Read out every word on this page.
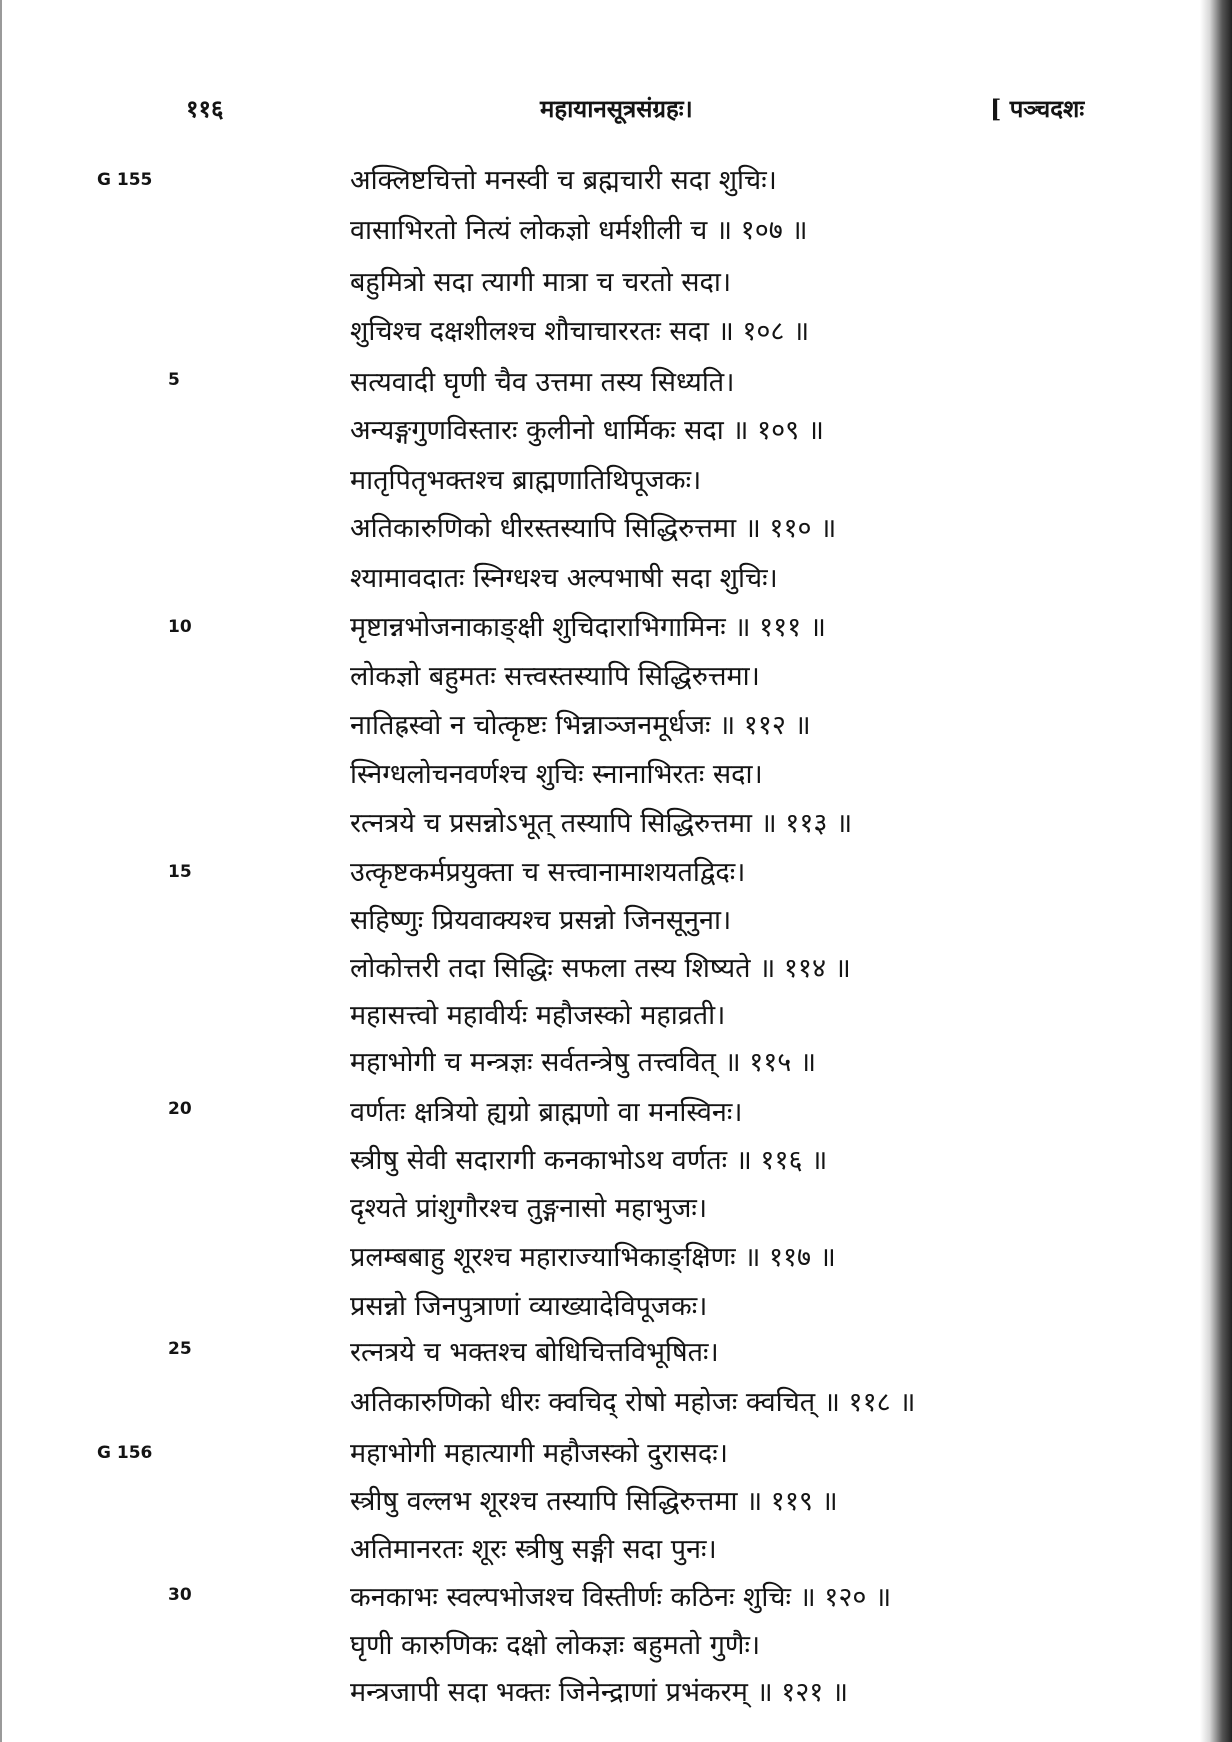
११६	महायानसूत्रसंग्रहः।	[ पञ्चदशः
G 155
5
10
15
20
25
G 156
30
अक्लिष्टचित्तो मनस्वी च ब्रह्मचारी सदा शुचिः।
वासाभिरतो नित्यं लोकज्ञो धर्मशीली च ॥ १०७ ॥
बहुमित्रो सदा त्यागी मात्रा च चरतो सदा।
शुचिश्च दक्षशीलश्च शौचाचाररतः सदा ॥ १०८ ॥
सत्यवादी घृणी चैव उत्तमा तस्य सिध्यति।
अन्यङ्गगुणविस्तारः कुलीनो धार्मिकः सदा ॥ १०९ ॥
मातृपितृभक्तश्च ब्राह्मणातिथिपूजकः।
अतिकारुणिको धीरस्तस्यापि सिद्धिरुत्तमा ॥ ११० ॥
श्यामावदातः स्निग्धश्च अल्पभाषी सदा शुचिः।
मृष्टान्नभोजनाकाङ्क्षी शुचिदाराभिगामिनः ॥ १११ ॥
लोकज्ञो बहुमतः सत्त्वस्तस्यापि सिद्धिरुत्तमा।
नातिह्रस्वो न चोत्कृष्टः भिन्नाञ्जनमूर्धजः ॥ ११२ ॥
स्निग्धलोचनवर्णश्च शुचिः स्नानाभिरतः सदा।
रत्नत्रये च प्रसन्नोऽभूत् तस्यापि सिद्धिरुत्तमा ॥ ११३ ॥
उत्कृष्टकर्मप्रयुक्ता च सत्त्वानामाशयतद्विदः।
सहिष्णुः प्रियवाक्यश्च प्रसन्नो जिनसूनुना।
लोकोत्तरी तदा सिद्धिः सफला तस्य शिष्यते ॥ ११४ ॥
महासत्त्वो महावीर्यः महौजस्को महाव्रती।
महाभोगी च मन्त्रज्ञः सर्वतन्त्रेषु तत्त्ववित् ॥ ११५ ॥
वर्णतः क्षत्रियो ह्यग्रो ब्राह्मणो वा मनस्विनः।
स्त्रीषु सेवी सदारागी कनकाभोऽथ वर्णतः ॥ ११६ ॥
दृश्यते प्रांशुगौरश्च तुङ्गनासो महाभुजः।
प्रलम्बबाहु शूरश्च महाराज्याभिकाङ्क्षिणः ॥ ११७ ॥
प्रसन्नो जिनपुत्राणां व्याख्यादेविपूजकः।
रत्नत्रये च भक्तश्च बोधिचित्तविभूषितः।
अतिकारुणिको धीरः क्वचिद् रोषो महोजः क्वचित् ॥ ११८ ॥
महाभोगी महात्यागी महौजस्को दुरासदः।
स्त्रीषु वल्लभ शूरश्च तस्यापि सिद्धिरुत्तमा ॥ ११९ ॥
अतिमानरतः शूरः स्त्रीषु सङ्गी सदा पुनः।
कनकाभः स्वल्पभोजश्च विस्तीर्णः कठिनः शुचिः ॥ १२० ॥
घृणी कारुणिकः दक्षो लोकज्ञः बहुमतो गुणैः।
मन्त्रजापी सदा भक्तः जिनेन्द्राणां प्रभंकरम् ॥ १२१ ॥
